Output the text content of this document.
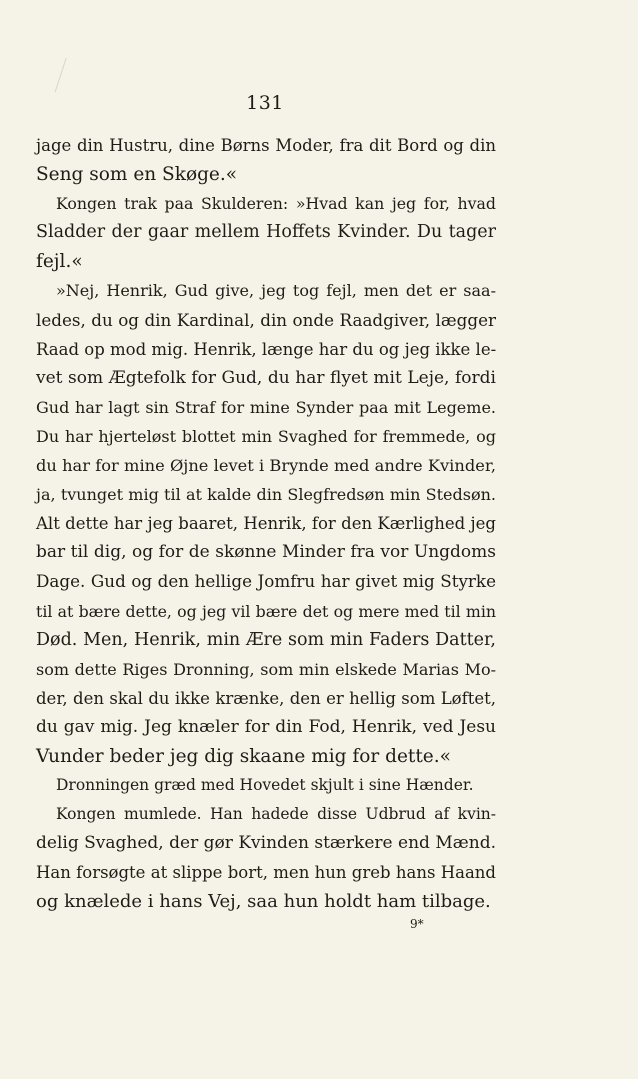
131
jage din Hustru, dine Børns Moder, fra dit Bord og din
Seng som en Skøge.«
Kongen trak paa Skulderen: »Hvad kan jeg for, hvad
Sladder der gaar mellem Hoffets Kvinder. Du tager
fejl.«
»Nej, Henrik, Gud give, jeg tog fejl, men det er saa-
ledes, du og din Kardinal, din onde Raadgiver, lægger
Raad op mod mig. Henrik, længe har du og jeg ikke le-
vet som Ægtefolk for Gud, du har flyet mit Leje, fordi
Gud har lagt sin Straf for mine Synder paa mit Legeme.
Du har hjerteløst blottet min Svaghed for fremmede, og
du har for mine Øjne levet i Brynde med andre Kvinder,
ja, tvunget mig til at kalde din Slegfredsøn min Stedsøn.
Alt dette har jeg baaret, Henrik, for den Kærlighed jeg
bar til dig, og for de skønne Minder fra vor Ungdoms
Dage. Gud og den hellige Jomfru har givet mig Styrke
til at bære dette, og jeg vil bære det og mere med til min
Død. Men, Henrik, min Ære som min Faders Datter,
som dette Riges Dronning, som min elskede Marias Mo-
der, den skal du ikke krænke, den er hellig som Løftet,
du gav mig. Jeg knæler for din Fod, Henrik, ved Jesu
Vunder beder jeg dig skaane mig for dette.«
Dronningen græd med Hovedet skjult i sine Hænder.
Kongen mumlede. Han hadede disse Udbrud af kvin-
delig Svaghed, der gør Kvinden stærkere end Mænd.
Han forsøgte at slippe bort, men hun greb hans Haand
og knælede i hans Vej, saa hun holdt ham tilbage.
9*
